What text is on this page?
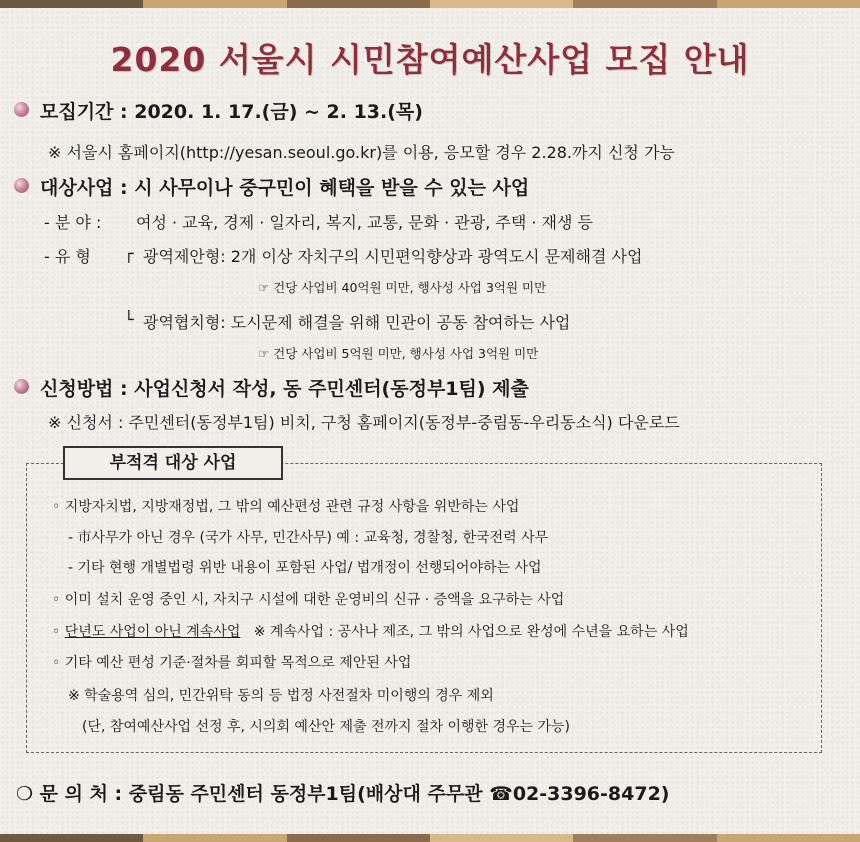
2020 서울시 시민참여예산사업 모집 안내
모집기간 : 2020. 1. 17.(금) ~ 2. 13.(목)
※ 서울시 홈페이지(http://yesan.seoul.go.kr)를 이용, 응모할 경우 2.28.까지 신청 가능
대상사업 : 시 사무이나 중구민이 혜택을 받을 수 있는 사업
- 분 야 : 여성 · 교육, 경제 · 일자리, 복지, 교통, 문화 · 관광, 주택 · 재생 등
- 유 형 ┌ 광역제안형: 2개 이상 자치구의 시민편익향상과 광역도시 문제해결 사업
☞ 건당 사업비 40억원 미만, 행사성 사업 3억원 미만
└ 광역협치형: 도시문제 해결을 위해 민관이 공동 참여하는 사업
☞ 건당 사업비 5억원 미만, 행사성 사업 3억원 미만
신청방법 : 사업신청서 작성, 동 주민센터(동정부1팀) 제출
※ 신청서 : 주민센터(동정부1팀) 비치, 구청 홈페이지(동정부-중림동-우리동소식) 다운로드
부적격 대상 사업
◦ 지방자치법, 지방재정법, 그 밖의 예산편성 관련 규정 사항을 위반하는 사업
- 市사무가 아닌 경우 (국가 사무, 민간사무) 예 : 교육청, 경찰청, 한국전력 사무
- 기타 현행 개별법령 위반 내용이 포함된 사업/ 법개정이 선행되어야하는 사업
◦ 이미 설치 운영 중인 시, 자치구 시설에 대한 운영비의 신규 · 증액을 요구하는 사업
◦ 단년도 사업이 아닌 계속사업 ※ 계속사업 : 공사나 제조, 그 밖의 사업으로 완성에 수년을 요하는 사업
◦ 기타 예산 편성 기준·절차를 회피할 목적으로 제안된 사업
※ 학술용역 심의, 민간위탁 동의 등 법정 사전절차 미이행의 경우 제외
(단, 참여예산사업 선정 후, 시의회 예산안 제출 전까지 절차 이행한 경우는 가능)
❍ 문 의 처 : 중림동 주민센터 동정부1팀(배상대 주무관 ☎02-3396-8472)
